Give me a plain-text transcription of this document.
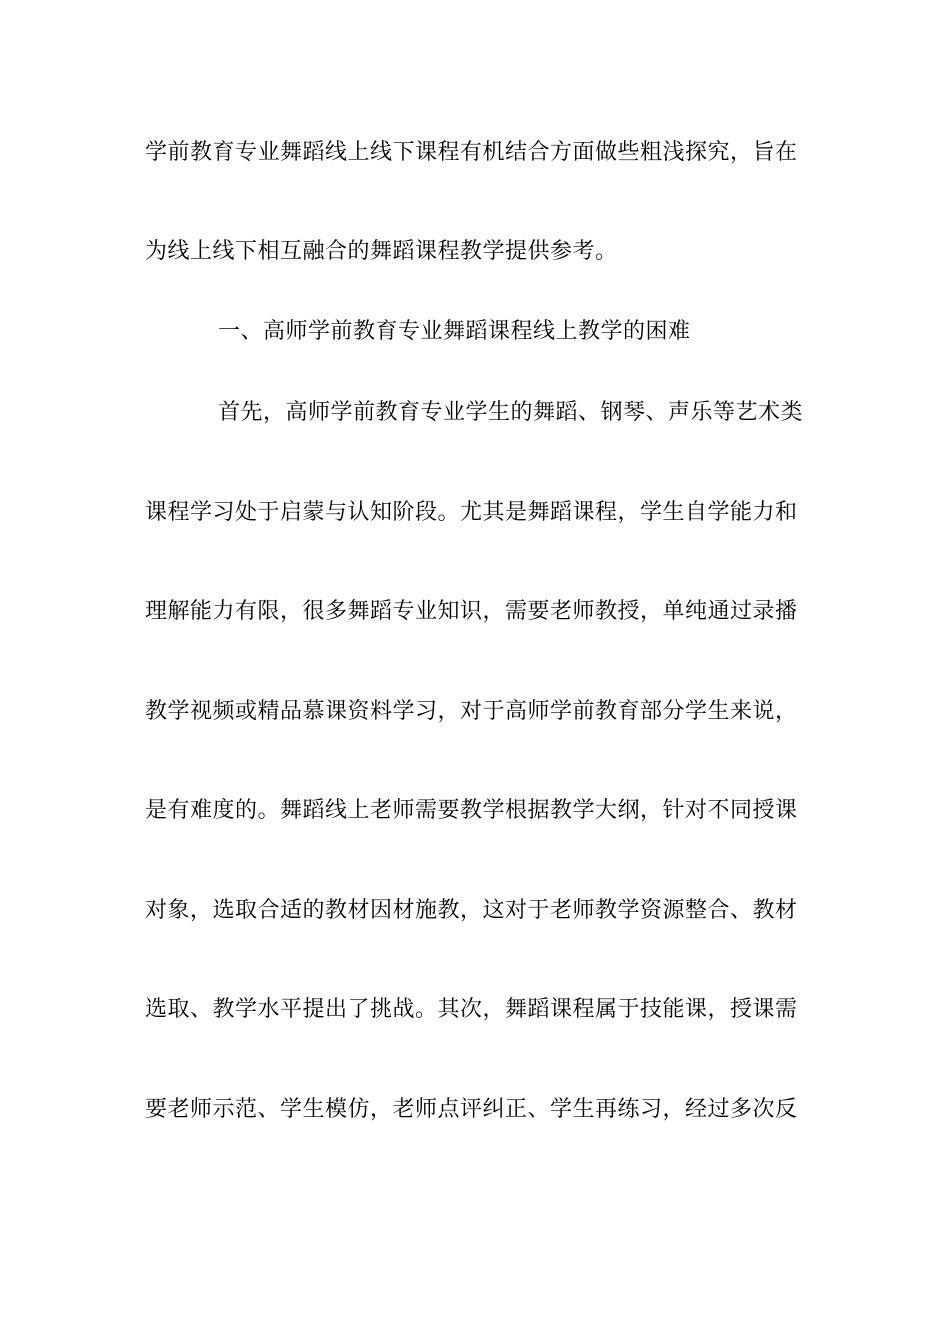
学前教育专业舞蹈线上线下课程有机结合方面做些粗浅探究，旨在
为线上线下相互融合的舞蹈课程教学提供参考。
一、高师学前教育专业舞蹈课程线上教学的困难
首先，高师学前教育专业学生的舞蹈、钢琴、声乐等艺术类
课程学习处于启蒙与认知阶段。尤其是舞蹈课程，学生自学能力和
理解能力有限，很多舞蹈专业知识，需要老师教授，单纯通过录播
教学视频或精品慕课资料学习，对于高师学前教育部分学生来说，
是有难度的。舞蹈线上老师需要教学根据教学大纲，针对不同授课
对象，选取合适的教材因材施教，这对于老师教学资源整合、教材
选取、教学水平提出了挑战。其次，舞蹈课程属于技能课，授课需
要老师示范、学生模仿，老师点评纠正、学生再练习，经过多次反
